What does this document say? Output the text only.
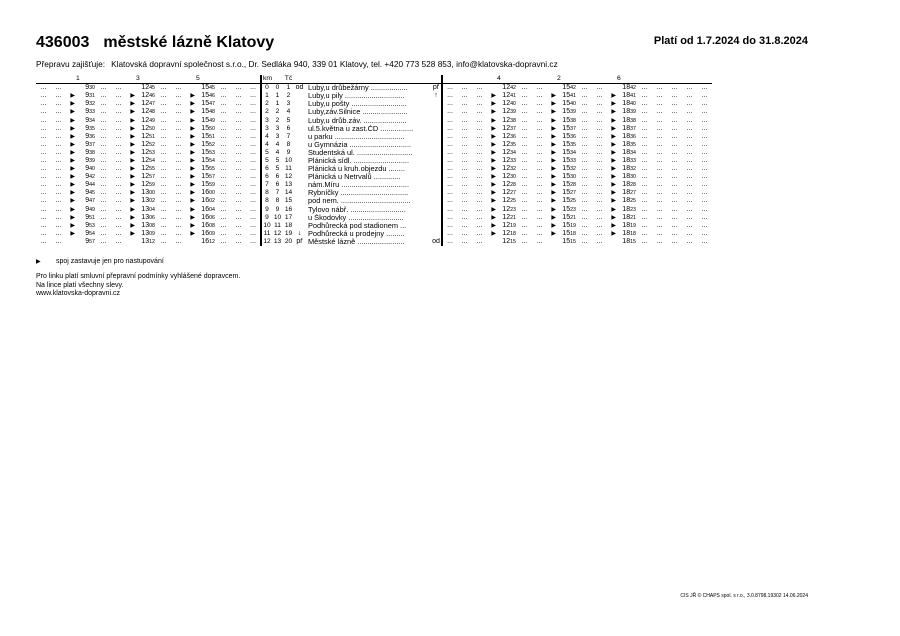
436003 městské lázně Klatovy	Platí od 1.7.2024 do 31.8.2024
Přepravu zajišťuje: Klatovská dopravní společnost s.r.o., Dr. Sedláka 940, 339 01 Klatovy, tel. +420 773 528 853, info@klatovska-dopravni.cz
			1				3				5				km		Tč								4				2				6					
...	...		930	...	...		1245	...	...		1545	...	...	...	0	0	1	od	Luby,u drůbežárny ..................	př	...	...	...		1242	...	...		1542	...	...		1842	...	...	...	...	...
...	...	▶	931	...	...	▶	1246	...	...	▶	1546	...	...	...	1	1	2		Luby,u pily .............................	↑	...	...	...	▶	1241	...	...	▶	1541	...	...	▶	1841	...	...	...	...	...
...	...	▶	932	...	...	▶	1247	...	...	▶	1547	...	...	...	2	1	3		Luby,u pošty ...........................		...	...	...	▶	1240	...	...	▶	1540	...	...	▶	1840	...	...	...	...	...
...	...	▶	933	...	...	▶	1248	...	...	▶	1548	...	...	...	2	2	4		Luby,záv.Silnice ......................		...	...	...	▶	1239	...	...	▶	1539	...	...	▶	1839	...	...	...	...	...
...	...	▶	934	...	...	▶	1249	...	...	▶	1549	...	...	...	3	2	5		Luby,u drůb.záv. .....................		...	...	...	▶	1238	...	...	▶	1538	...	...	▶	1838	...	...	...	...	...
...	...	▶	935	...	...	▶	1250	...	...	▶	1550	...	...	...	3	3	6		ul.5.května u zast.ČD ................		...	...	...	▶	1237	...	...	▶	1537	...	...	▶	1837	...	...	...	...	...
...	...	▶	936	...	...	▶	1251	...	...	▶	1551	...	...	...	4	3	7		u parku ..................................		...	...	...	▶	1236	...	...	▶	1536	...	...	▶	1836	...	...	...	...	...
...	...	▶	937	...	...	▶	1252	...	...	▶	1552	...	...	...	4	4	8		u Gymnázia ..............................		...	...	...	▶	1235	...	...	▶	1535	...	...	▶	1835	...	...	...	...	...
...	...	▶	938	...	...	▶	1253	...	...	▶	1553	...	...	...	5	4	9		Studentská ul. ...........................		...	...	...	▶	1234	...	...	▶	1534	...	...	▶	1834	...	...	...	...	...
...	...	▶	939	...	...	▶	1254	...	...	▶	1554	...	...	...	5	5	10		Plánická sídl. ...........................		...	...	...	▶	1233	...	...	▶	1533	...	...	▶	1833	...	...	...	...	...
...	...	▶	940	...	...	▶	1255	...	...	▶	1555	...	...	...	6	5	11		Plánická u kruh.objezdu ........		...	...	...	▶	1232	...	...	▶	1532	...	...	▶	1832	...	...	...	...	...
...	...	▶	942	...	...	▶	1257	...	...	▶	1557	...	...	...	6	6	12		Plánická u Netrvalů .............		...	...	...	▶	1230	...	...	▶	1530	...	...	▶	1830	...	...	...	...	...
...	...	▶	944	...	...	▶	1259	...	...	▶	1559	...	...	...	7	6	13		nám.Míru .................................		...	...	...	▶	1228	...	...	▶	1528	...	...	▶	1828	...	...	...	...	...
...	...	▶	945	...	...	▶	1300	...	...	▶	1600	...	...	...	8	7	14		Rybníčky .................................		...	...	...	▶	1227	...	...	▶	1527	...	...	▶	1827	...	...	...	...	...
...	...	▶	947	...	...	▶	1302	...	...	▶	1602	...	...	...	8	8	15		pod nem. ..................................		...	...	...	▶	1225	...	...	▶	1525	...	...	▶	1825	...	...	...	...	...
...	...	▶	949	...	...	▶	1304	...	...	▶	1604	...	...	...	9	9	16		Tylovo nábř. ...........................		...	...	...	▶	1223	...	...	▶	1523	...	...	▶	1823	...	...	...	...	...
...	...	▶	951	...	...	▶	1306	...	...	▶	1606	...	...	...	9	10	17		u Škodovky ...........................		...	...	...	▶	1221	...	...	▶	1521	...	...	▶	1821	...	...	...	...	...
...	...	▶	953	...	...	▶	1308	...	...	▶	1608	...	...	...	10	11	18		Podhůrecká pod stadionem ...		...	...	...	▶	1219	...	...	▶	1519	...	...	▶	1819	...	...	...	...	...
...	...	▶	954	...	...	▶	1309	...	...	▶	1609	...	...	...	11	12	19	↓	Podhůrecká u prodejny .........		...	...	...	▶	1218	...	...	▶	1518	...	...	▶	1818	...	...	...	...	...
...	...		957	...	...		1312	...	...		1612	...	...	...	12	13	20	př	Městské lázně .......................	od	...	...	...		1215	...	...		1515	...	...		1815	...	...	...	...	...
▶ spoj zastavuje jen pro nastupování
Pro linku platí smluvní přepravní podmínky vyhlášené dopravcem.
Na lince platí všechny slevy.
www.klatovska-dopravni.cz
CIS JŘ © CHAPS spol. s r.o., 3.0.8798.19302 14.06.2024
